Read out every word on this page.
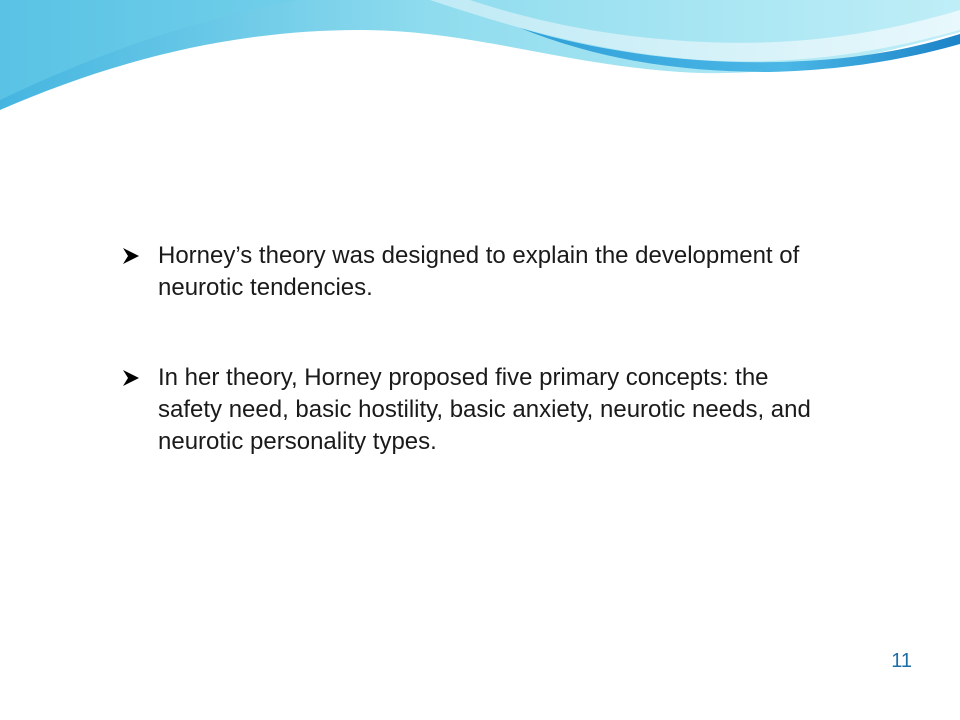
Horney’s theory was designed to explain the development of neurotic tendencies.
In her theory, Horney proposed five primary concepts: the safety need, basic hostility, basic anxiety, neurotic needs, and neurotic personality types.
11
